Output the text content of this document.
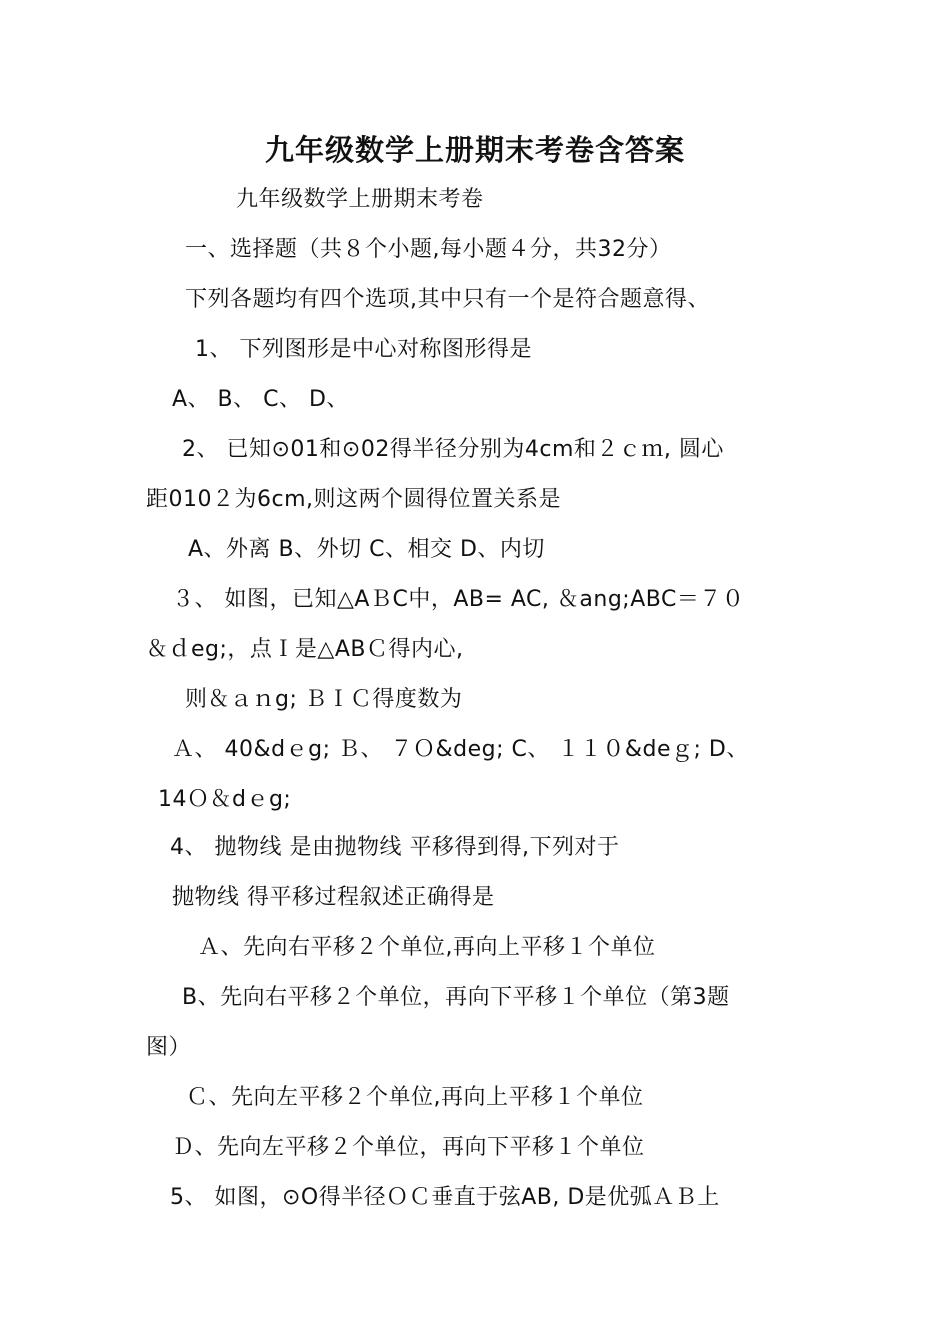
九年级数学上册期末考卷含答案
九年级数学上册期末考卷
一、选择题（共８个小题,每小题４分，共32分）
下列各题均有四个选项,其中只有一个是符合题意得、
1、 下列图形是中心对称图形得是
A、 B、 C、 D、
2、 已知⊙01和⊙02得半径分别为4cm和２ｃｍ, 圆心
距010２为6cm,则这两个圆得位置关系是
A、外离 B、外切 C、相交 D、内切
３、 如图，已知△AＢC中，AB= AC, ＆ang;ABC＝７０
＆ｄeg;，点Ｉ是△ABＣ得内心,
则＆ａｎg; ＢＩＣ得度数为
Ａ、 40&dｅg; Ｂ、 ７Ｏ&deg; C、 １１０&deｇ; D、
14Ｏ＆dｅg;
4、 抛物线 是由抛物线 平移得到得,下列对于
抛物线 得平移过程叙述正确得是
Ａ、先向右平移２个单位,再向上平移１个单位
B、先向右平移２个单位，再向下平移１个单位（第3题
图）
Ｃ、先向左平移２个单位,再向上平移１个单位
Ｄ、先向左平移２个单位，再向下平移１个单位
5、 如图，⊙O得半径ＯＣ垂直于弦AB, D是优弧ＡＢ上
